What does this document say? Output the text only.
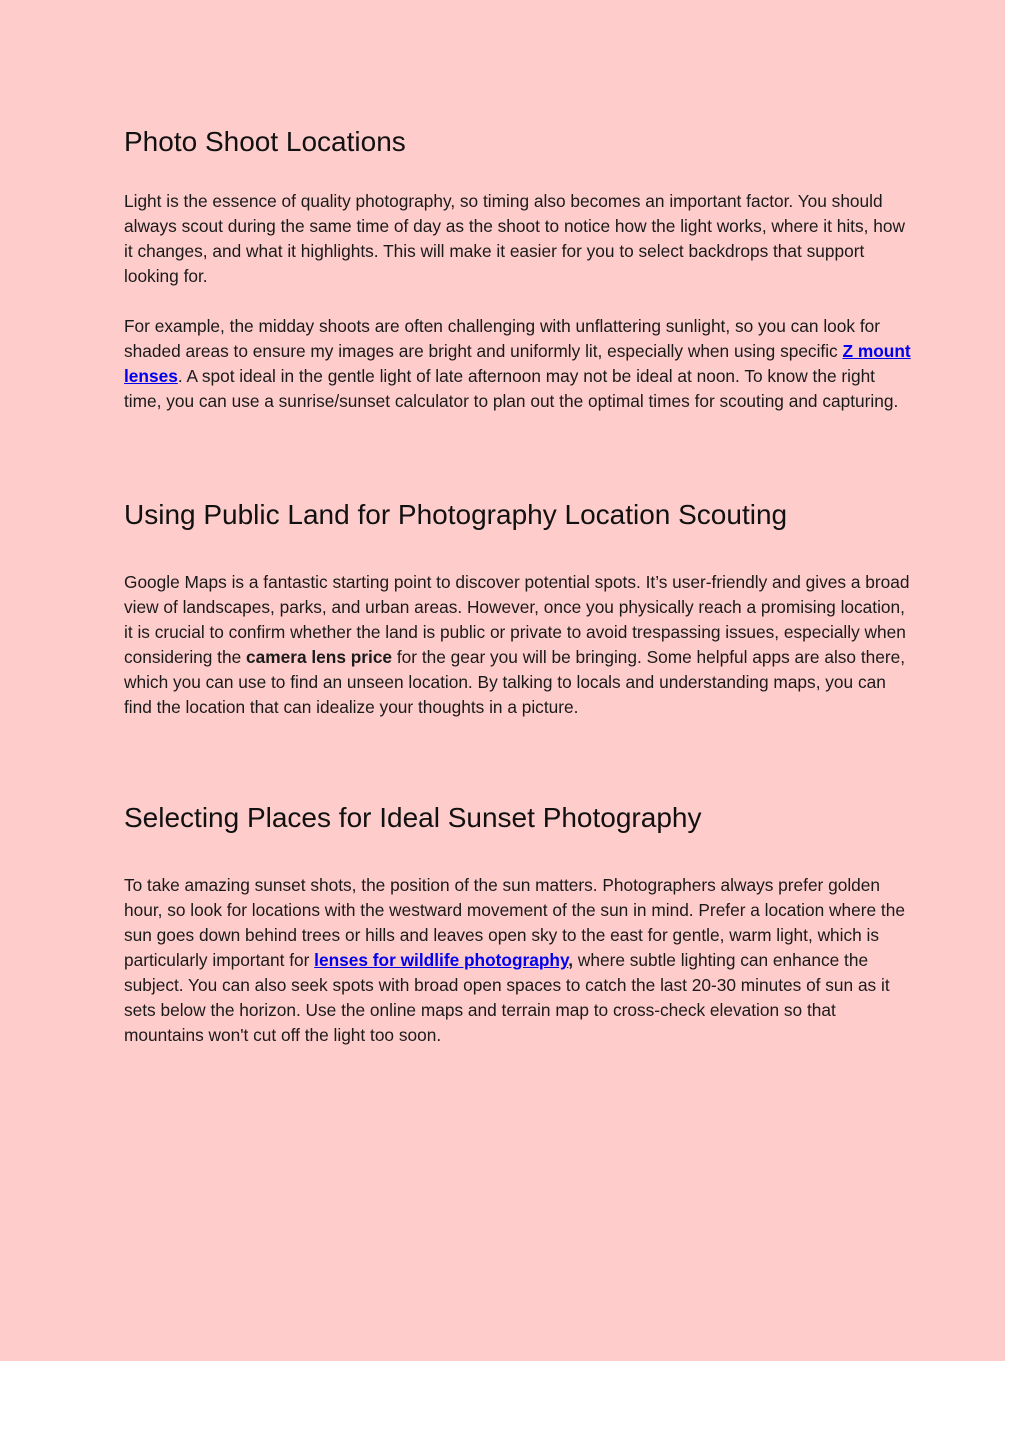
Photo Shoot Locations

Light is the essence of quality photography, so timing also becomes an important factor. You should always scout during the same time of day as the shoot to notice how the light works, where it hits, how it changes, and what it highlights. This will make it easier for you to select backdrops that support looking for.

For example, the midday shoots are often challenging with unflattering sunlight, so you can look for shaded areas to ensure my images are bright and uniformly lit, especially when using specific Z mount lenses. A spot ideal in the gentle light of late afternoon may not be ideal at noon. To know the right time, you can use a sunrise/sunset calculator to plan out the optimal times for scouting and capturing.

Using Public Land for Photography Location Scouting

Google Maps is a fantastic starting point to discover potential spots. It’s user-friendly and gives a broad view of landscapes, parks, and urban areas. However, once you physically reach a promising location, it is crucial to confirm whether the land is public or private to avoid trespassing issues, especially when considering the camera lens price for the gear you will be bringing. Some helpful apps are also there, which you can use to find an unseen location. By talking to locals and understanding maps, you can find the location that can idealize your thoughts in a picture.

Selecting Places for Ideal Sunset Photography

To take amazing sunset shots, the position of the sun matters. Photographers always prefer golden hour, so look for locations with the westward movement of the sun in mind. Prefer a location where the sun goes down behind trees or hills and leaves open sky to the east for gentle, warm light, which is particularly important for lenses for wildlife photography, where subtle lighting can enhance the subject. You can also seek spots with broad open spaces to catch the last 20-30 minutes of sun as it sets below the horizon. Use the online maps and terrain map to cross-check elevation so that mountains won't cut off the light too soon.
